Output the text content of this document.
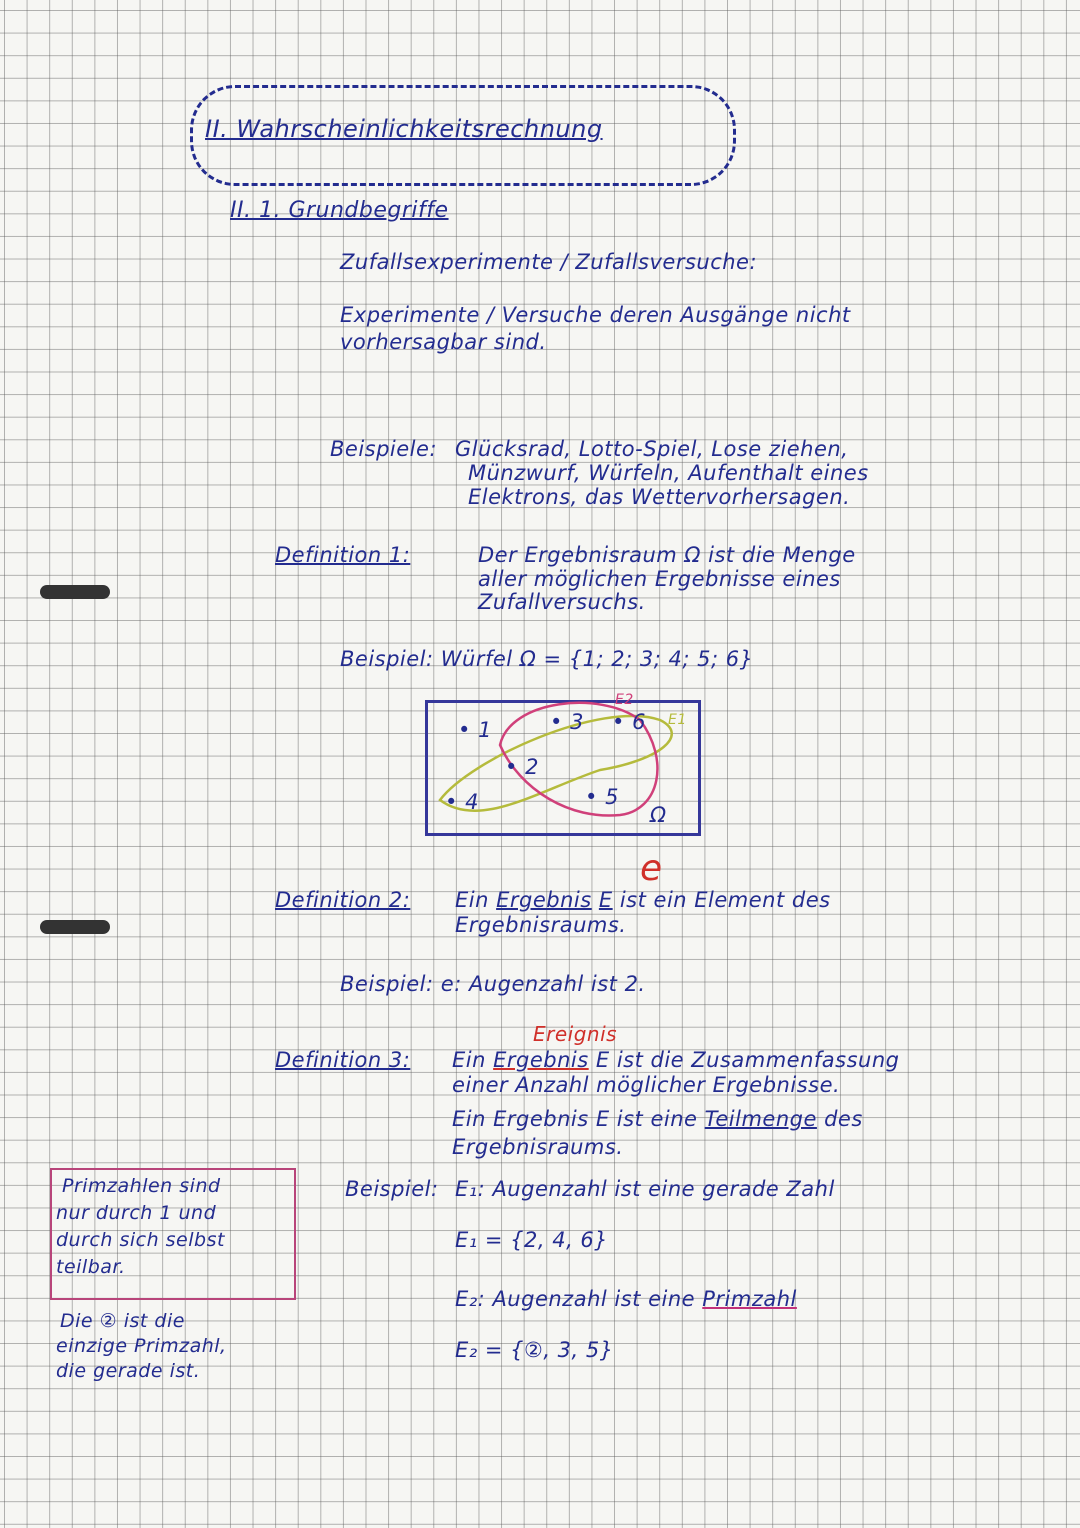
II. Wahrscheinlichkeitsrechnung
II. 1. Grundbegriffe
Zufallsexperimente / Zufallsversuche:
Experimente / Versuche deren Ausgänge nicht
vorhersagbar sind.
Beispiele: Glücksrad, Lotto-Spiel, Lose ziehen,
Münzwurf, Würfeln, Aufenthalt eines
Elektrons, das Wettervorhersagen.
Definition 1:	Der Ergebnisraum Ω ist die Menge
aller möglichen Ergebnisse eines
Zufallversuchs.
Beispiel: Würfel Ω = {1; 2; 3; 4; 5; 6}
• 1
• 2
• 3
• 4	• 5
• 6
Ω
E2
E1
Definition 2:
e
Ein Ergebnis E ist ein Element des
Ergebnisraums.
Beispiel: e: Augenzahl ist 2.
Ereignis
Definition 3: Ein Ergebnis E ist die Zusammenfassung
einer Anzahl möglicher Ergebnisse.
Ein Ergebnis E ist eine Teilmenge des
Ergebnisraums.
Beispiel: E₁: Augenzahl ist eine gerade Zahl
E₁ = {2, 4, 6}
E₂: Augenzahl ist eine Primzahl
E₂ = {②, 3, 5}
Primzahlen sind
nur durch 1 und
durch sich selbst
teilbar.
Die ② ist die
einzige Primzahl,
die gerade ist.
